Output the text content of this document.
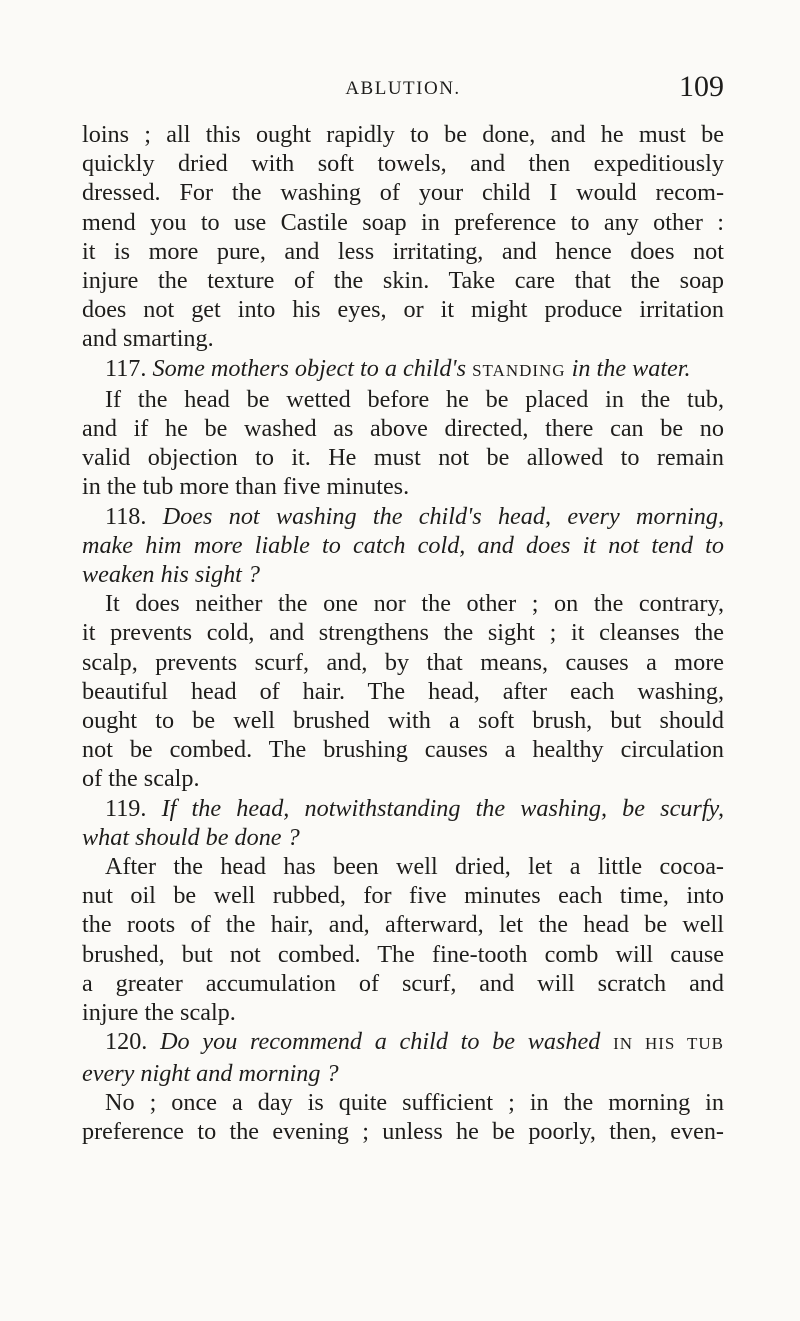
ABLUTION.	109
loins ; all this ought rapidly to be done, and he must be
quickly dried with soft towels, and then expeditiously
dressed. For the washing of your child I would recom-
mend you to use Castile soap in preference to any other :
it is more pure, and less irritating, and hence does not
injure the texture of the skin. Take care that the soap
does not get into his eyes, or it might produce irritation
and smarting.
117. Some mothers object to a child's STANDING in the water.
If the head be wetted before he be placed in the tub,
and if he be washed as above directed, there can be no
valid objection to it. He must not be allowed to remain
in the tub more than five minutes.
118. Does not washing the child's head, every morning,
make him more liable to catch cold, and does it not tend to
weaken his sight ?
It does neither the one nor the other ; on the contrary,
it prevents cold, and strengthens the sight ; it cleanses the
scalp, prevents scurf, and, by that means, causes a more
beautiful head of hair. The head, after each washing,
ought to be well brushed with a soft brush, but should
not be combed. The brushing causes a healthy circulation
of the scalp.
119. If the head, notwithstanding the washing, be scurfy,
what should be done ?
After the head has been well dried, let a little cocoa-
nut oil be well rubbed, for five minutes each time, into
the roots of the hair, and, afterward, let the head be well
brushed, but not combed. The fine-tooth comb will cause
a greater accumulation of scurf, and will scratch and
injure the scalp.
120. Do you recommend a child to be washed IN HIS TUB
every night and morning ?
No ; once a day is quite sufficient ; in the morning in
preference to the evening ; unless he be poorly, then, even-
